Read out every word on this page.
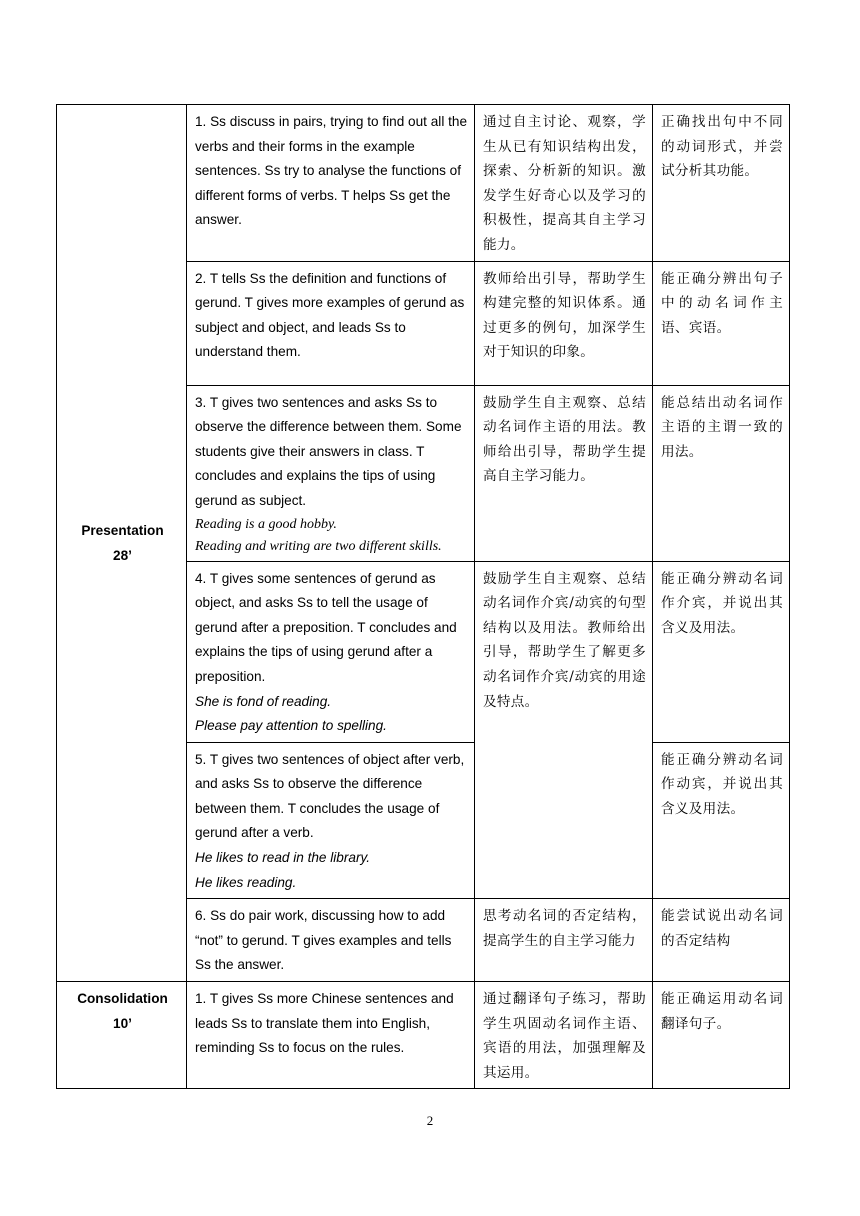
Presentation
28’	1. Ss discuss in pairs, trying to find out all the verbs and their forms in the example sentences. Ss try to analyse the functions of different forms of verbs. T helps Ss get the answer.	通过自主讨论、观察，学生从已有知识结构出发，探索、分析新的知识。激发学生好奇心以及学习的积极性，提高其自主学习能力。	正确找出句中不同的动词形式，并尝试分析其功能。
	2. T tells Ss the definition and functions of gerund. T gives more examples of gerund as subject and object, and leads Ss to understand them.	教师给出引导，帮助学生构建完整的知识体系。通过更多的例句，加深学生对于知识的印象。	能正确分辨出句子中的动名词作主语、宾语。
	3. T gives two sentences and asks Ss to observe the difference between them. Some students give their answers in class. T concludes and explains the tips of using gerund as subject.
Reading is a good hobby.
Reading and writing are two different skills.	鼓励学生自主观察、总结动名词作主语的用法。教师给出引导，帮助学生提高自主学习能力。	能总结出动名词作主语的主谓一致的用法。
	4. T gives some sentences of gerund as object, and asks Ss to tell the usage of gerund after a preposition. T concludes and explains the tips of using gerund after a preposition.
She is fond of reading.
Please pay attention to spelling.	鼓励学生自主观察、总结动名词作介宾/动宾的句型结构以及用法。教师给出引导，帮助学生了解更多动名词作介宾/动宾的用途及特点。	能正确分辨动名词作介宾，并说出其含义及用法。
	5. T gives two sentences of object after verb, and asks Ss to observe the difference between them. T concludes the usage of gerund after a verb.
He likes to read in the library.
He likes reading.		能正确分辨动名词作动宾，并说出其含义及用法。
	6. Ss do pair work, discussing how to add “not” to gerund. T gives examples and tells Ss the answer.	思考动名词的否定结构，提高学生的自主学习能力	能尝试说出动名词的否定结构

Consolidation
10’	1. T gives Ss more Chinese sentences and leads Ss to translate them into English, reminding Ss to focus on the rules.	通过翻译句子练习，帮助学生巩固动名词作主语、宾语的用法，加强理解及其运用。	能正确运用动名词翻译句子。
2
